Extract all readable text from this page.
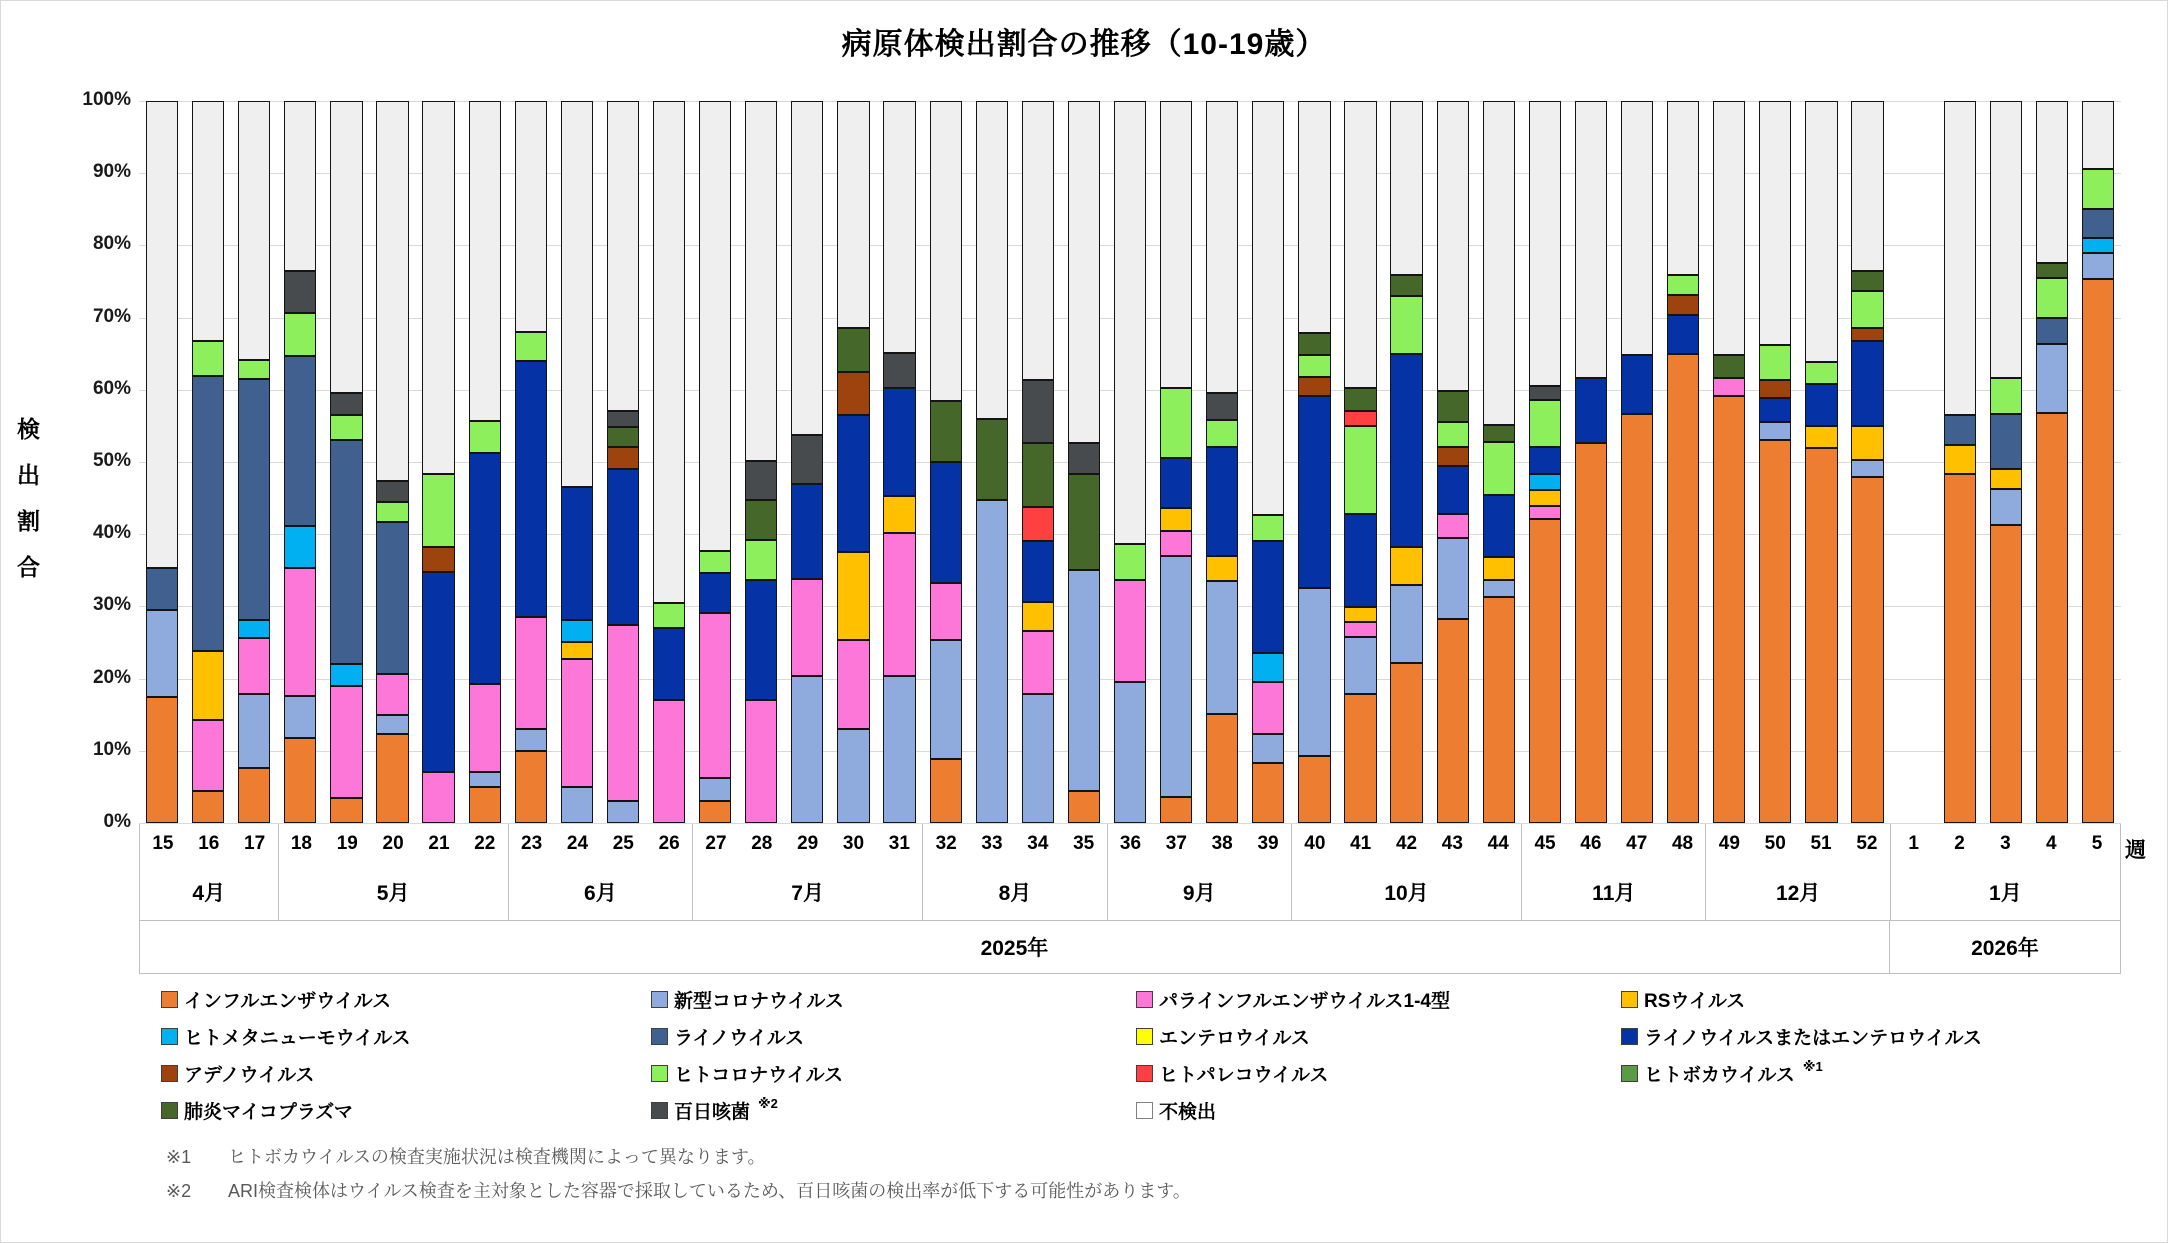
病原体検出割合の推移（10-19歳）
検
出
割
合
15	16	17
4月
18	19	20	21	22
5月
23	24	25	26
6月
27	28	29	30	31
7月
32	33	34	35
8月
36	37	38	39
9月
40	41	42	43	44
10月
45	46	47	48
11月
49	50	51	52
12月
1	2	3	4	5
1月
2025年	2026年
週
インフルエンザウイルス	新型コロナウイルス	パラインフルエンザウイルス1-4型	RSウイルス
ヒトメタニューモウイルス	ライノウイルス	エンテロウイルス	ライノウイルスまたはエンテロウイルス
アデノウイルス	ヒトコロナウイルス	ヒトパレコウイルス	ヒトボカウイルス ※1
肺炎マイコプラズマ	百日咳菌 ※2	不検出
※1 ヒトボカウイルスの検査実施状況は検査機関によって異なります。
※2 ARI検査検体はウイルス検査を主対象とした容器で採取しているため、百日咳菌の検出率が低下する可能性があります。
100%
90%
80%
70%
60%
50%
40%
30%
20%
10%
0%
